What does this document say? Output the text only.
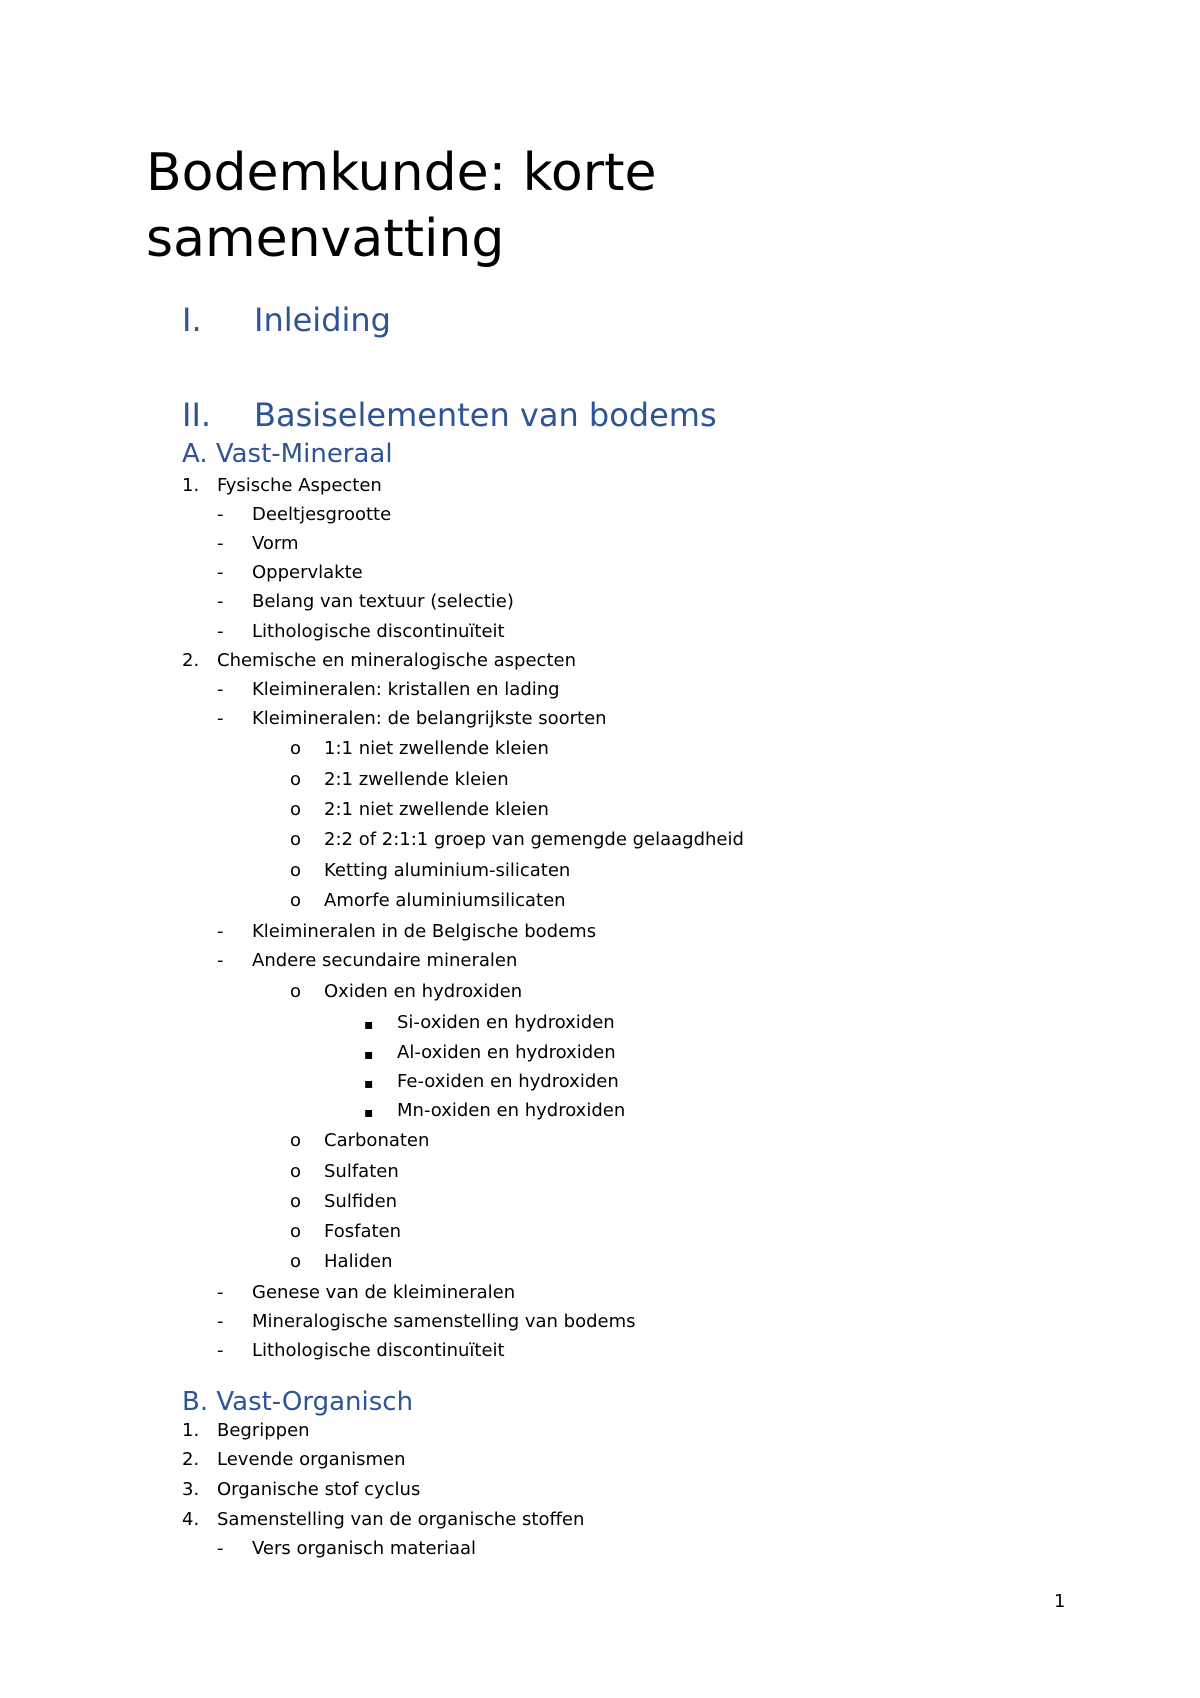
Bodemkunde: korte
samenvatting
I. Inleiding
II. Basiselementen van bodems
A. Vast-Mineraal
1. Fysische Aspecten
- Deeltjesgrootte
- Vorm
- Oppervlakte
- Belang van textuur (selectie)
- Lithologische discontinuïteit
2. Chemische en mineralogische aspecten
- Kleimineralen: kristallen en lading
- Kleimineralen: de belangrijkste soorten
o 1:1 niet zwellende kleien
o 2:1 zwellende kleien
o 2:1 niet zwellende kleien
o 2:2 of 2:1:1 groep van gemengde gelaagdheid
o Ketting aluminium-silicaten
o Amorfe aluminiumsilicaten
- Kleimineralen in de Belgische bodems
- Andere secundaire mineralen
o Oxiden en hydroxiden
▪ Si-oxiden en hydroxiden
▪ Al-oxiden en hydroxiden
▪ Fe-oxiden en hydroxiden
▪ Mn-oxiden en hydroxiden
o Carbonaten
o Sulfaten
o Sulfiden
o Fosfaten
o Haliden
- Genese van de kleimineralen
- Mineralogische samenstelling van bodems
- Lithologische discontinuïteit
B. Vast-Organisch
1. Begrippen
2. Levende organismen
3. Organische stof cyclus
4. Samenstelling van de organische stoffen
- Vers organisch materiaal
1
